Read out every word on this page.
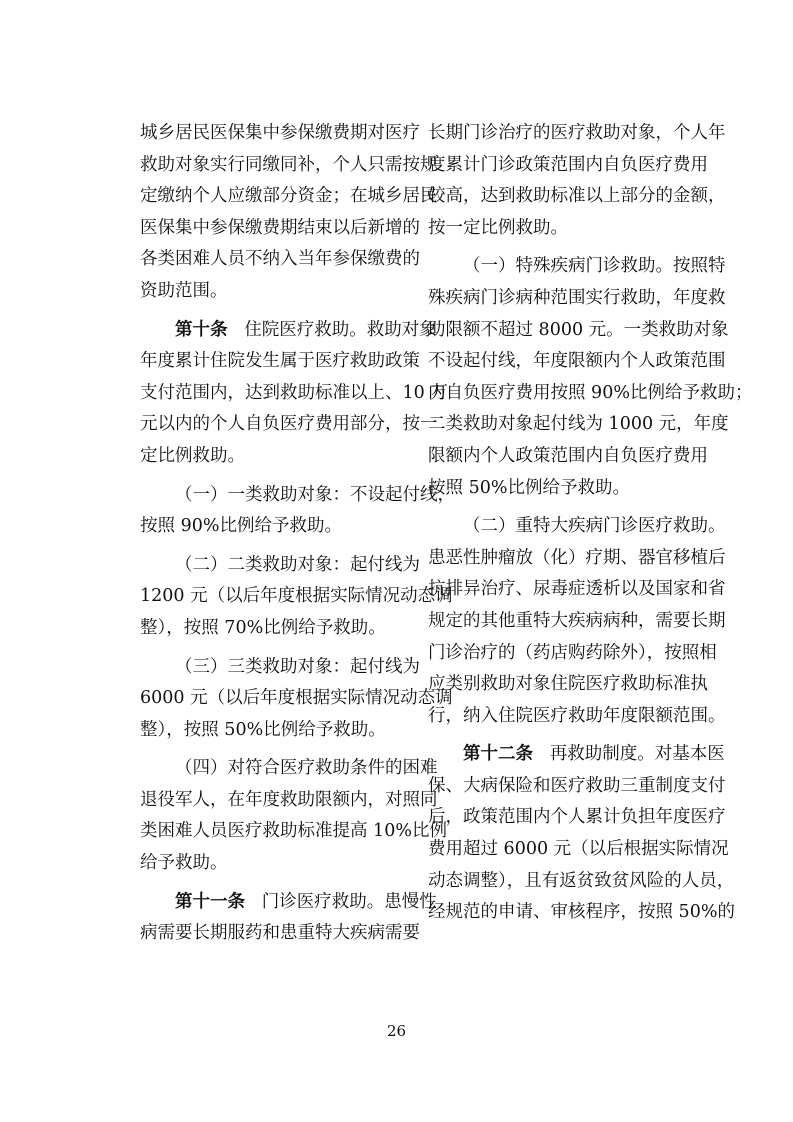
城乡居民医保集中参保缴费期对医疗
救助对象实行同缴同补，个人只需按规
定缴纳个人应缴部分资金；在城乡居民
医保集中参保缴费期结束以后新增的
各类困难人员不纳入当年参保缴费的
资助范围。

第十条 住院医疗救助。救助对象
年度累计住院发生属于医疗救助政策
支付范围内，达到救助标准以上、10 万
元以内的个人自负医疗费用部分，按一
定比例救助。

（一）一类救助对象：不设起付线，
按照 90%比例给予救助。

（二）二类救助对象：起付线为
1200 元（以后年度根据实际情况动态调
整），按照 70%比例给予救助。

（三）三类救助对象：起付线为
6000 元（以后年度根据实际情况动态调
整），按照 50%比例给予救助。

（四）对符合医疗救助条件的困难
退役军人，在年度救助限额内，对照同
类困难人员医疗救助标准提高 10%比例
给予救助。

第十一条 门诊医疗救助。患慢性
病需要长期服药和患重特大疾病需要

长期门诊治疗的医疗救助对象，个人年
度累计门诊政策范围内自负医疗费用
较高，达到救助标准以上部分的金额，
按一定比例救助。

（一）特殊疾病门诊救助。按照特
殊疾病门诊病种范围实行救助，年度救
助限额不超过 8000 元。一类救助对象
不设起付线，年度限额内个人政策范围
内自负医疗费用按照 90%比例给予救助；
二类救助对象起付线为 1000 元，年度
限额内个人政策范围内自负医疗费用
按照 50%比例给予救助。

（二）重特大疾病门诊医疗救助。
患恶性肿瘤放（化）疗期、器官移植后
抗排异治疗、尿毒症透析以及国家和省
规定的其他重特大疾病病种，需要长期
门诊治疗的（药店购药除外），按照相
应类别救助对象住院医疗救助标准执
行，纳入住院医疗救助年度限额范围。

第十二条 再救助制度。对基本医
保、大病保险和医疗救助三重制度支付
后，政策范围内个人累计负担年度医疗
费用超过 6000 元（以后根据实际情况
动态调整），且有返贫致贫风险的人员，
经规范的申请、审核程序，按照 50%的

26
